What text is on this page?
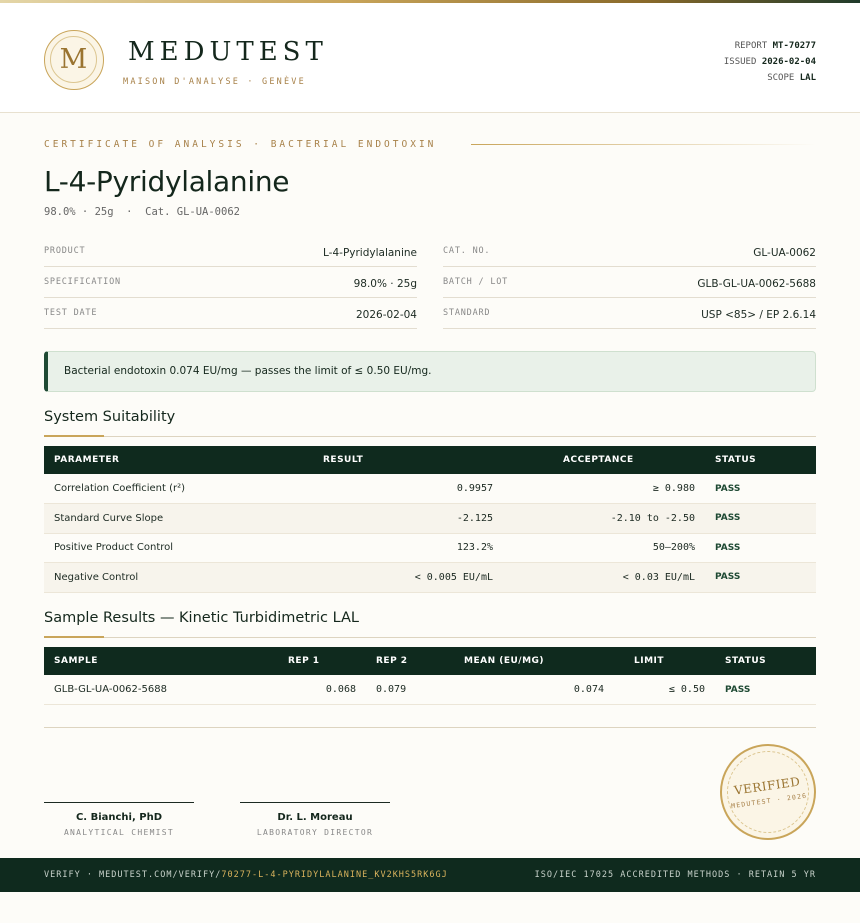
M	MEDUTEST
MAISON D'ANALYSE · GENÈVE
REPORT MT-70277
ISSUED 2026-02-04
SCOPE LAL
CERTIFICATE OF ANALYSIS · BACTERIAL ENDOTOXIN
L-4-Pyridylalanine
98.0% · 25g  ·  Cat. GL-UA-0062
PRODUCT	L-4-Pyridylalanine
SPECIFICATION	98.0% · 25g
TEST DATE	2026-02-04
CAT. NO.	GL-UA-0062
BATCH / LOT	GLB-GL-UA-0062-5688
STANDARD	USP <85> / EP 2.6.14
Bacterial endotoxin 0.074 EU/mg — passes the limit of ≤ 0.50 EU/mg.
System Suitability
PARAMETER	RESULT	ACCEPTANCE	STATUS
Correlation Coefficient (r²)	0.9957	≥ 0.980	PASS
Standard Curve Slope	-2.125	-2.10 to -2.50	PASS
Positive Product Control	123.2%	50–200%	PASS
Negative Control	< 0.005 EU/mL	< 0.03 EU/mL	PASS
Sample Results — Kinetic Turbidimetric LAL
SAMPLE	REP 1	REP 2	MEAN (EU/MG)	LIMIT	STATUS
GLB-GL-UA-0062-5688	0.068	0.079	0.074	≤ 0.50	PASS
C. Bianchi, PhD
ANALYTICAL CHEMIST
Dr. L. Moreau
LABORATORY DIRECTOR
VERIFIED
MEDUTEST · 2026
VERIFY · MEDUTEST.COM/VERIFY/70277-L-4-PYRIDYLALANINE_KV2KHS5RK6GJ	ISO/IEC 17025 ACCREDITED METHODS · RETAIN 5 YR
